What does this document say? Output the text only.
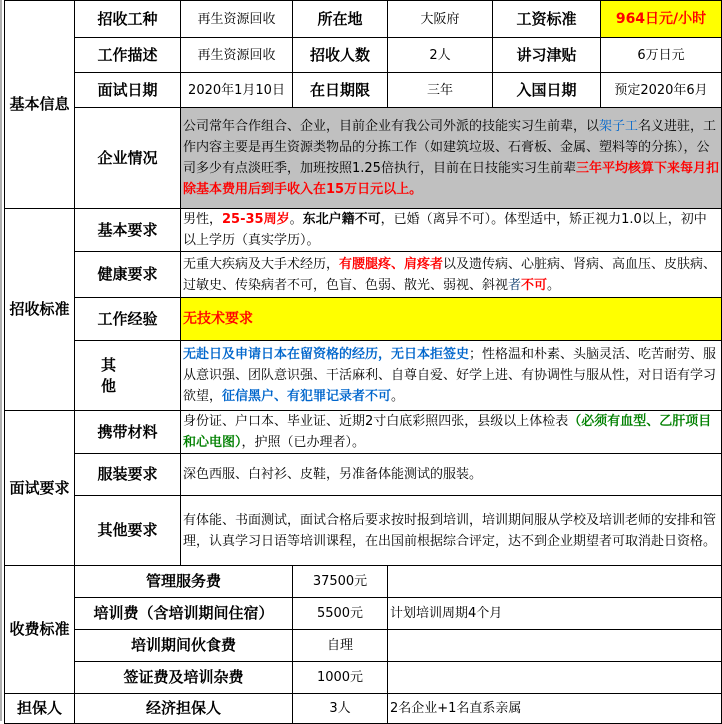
基本信息	招收工种	再生资源回收	所在地	大阪府	工资标准	964日元/小时
	工作描述	再生资源回收	招收人数	2人	讲习津贴	6万日元
	面试日期	2020年1月10日	在日期限	三年	入国日期	预定2020年6月
	企业情况	公司常年合作组合、企业，目前企业有我公司外派的技能实习生前辈，以架子工名义进驻，工作内容主要是再生资源类物品的分拣工作（如建筑垃圾、石膏板、金属、塑料等的分拣），公司多少有点淡旺季，加班按照1.25倍执行，目前在日技能实习生前辈三年平均核算下来每月扣除基本费用后到手收入在15万日元以上。				
招收标准	基本要求	男性，25-35周岁。东北户籍不可，已婚（离异不可）。体型适中，矫正视力1.0以上，初中以上学历（真实学历）。				
	健康要求	无重大疾病及大手术经历，有腰腿疼、肩疼者以及遗传病、心脏病、肾病、高血压、皮肤病、过敏史、传染病者不可，色盲、色弱、散光、弱视、斜视者不可。				
	工作经验	无技术要求				
	其他	无赴日及申请日本在留资格的经历，无日本拒签史；性格温和朴素、头脑灵活、吃苦耐劳、服从意识强、团队意识强、干活麻利、自尊自爱、好学上进、有协调性与服从性，对日语有学习欲望，征信黑户、有犯罪记录者不可。				
面试要求	携带材料	身份证、户口本、毕业证、近期2寸白底彩照四张，县级以上体检表（必须有血型、乙肝项目和心电图），护照（已办理者）。				
	服装要求	深色西服、白衬衫、皮鞋，另准备体能测试的服装。				
	其他要求	有体能、书面测试，面试合格后要求按时报到培训，培训期间服从学校及培训老师的安排和管理，认真学习日语等培训课程，在出国前根据综合评定，达不到企业期望者可取消赴日资格。				
收费标准	管理服务费		37500元			
	培训费（含培训期间住宿）		5500元	计划培训周期4个月		
	培训期间伙食费		自理			
	签证费及培训杂费		1000元			
担保人	经济担保人		3人	2名企业+1名直系亲属		
